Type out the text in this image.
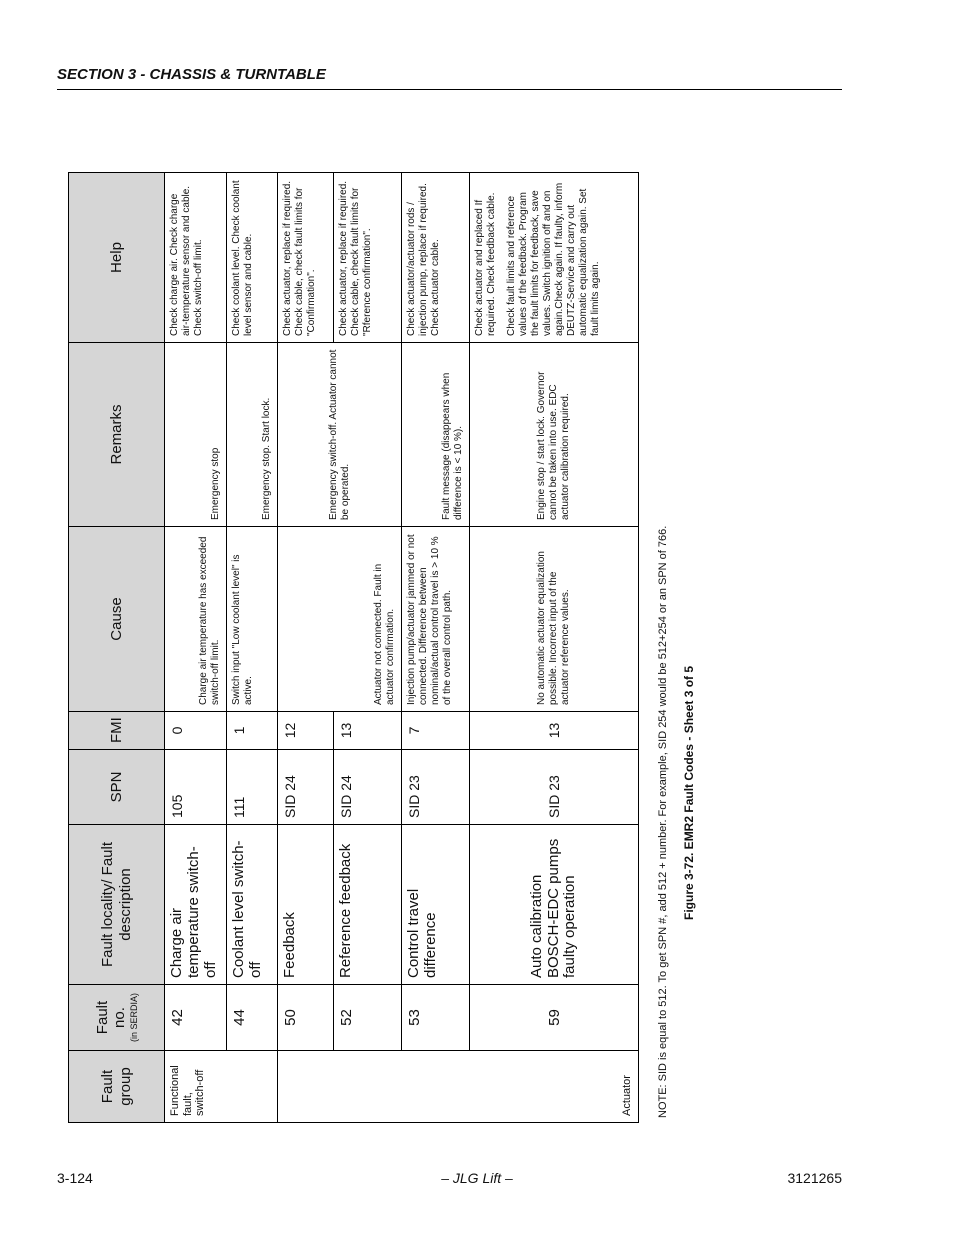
SECTION 3 - CHASSIS & TURNTABLE
Fault group	Fault no. (in SERDIA)	Fault locality/ Fault description	SPN	FMI	Cause	Remarks	Help
Functional fault, switch-off	42	Charge air temperature switch-off	105	0	Charge air temperature has exceeded switch-off limit.	Emergency stop	Check charge air. Check charge air-temperature sensor and cable. Check switch-off limit.
	44	Coolant level switch-off	111	1	Switch input "Low coolant level" is active.	Emergency stop. Start lock.	Check coolant level. Check coolant level sensor and cable.
Actuator	50	Feedback	SID 24	12	Actuator not connected. Fault in actuator confirmation.	Emergency switch-off. Actuator cannot be operated.	Check actuator, replace if required. Check cable, check fault limits for "Confirmation".
	52	Reference feedback	SID 24	13			Check actuator, replace if required. Check cable, check fault limits for "Rference confirmation".
	53	Control travel difference	SID 23	7	Injection pump/actuator jammed or not connected. Difference between nominal/actual control travel is > 10 % of the overall control path.	Fault message (disappears when difference is < 10 %).	Check actuator/actuator rods / injection pump, replace if required. Check actuator cable.
	59	Auto calibration BOSCH-EDC pumps faulty operation	SID 23	13	No automatic actuator equalization possible. Incorrect input of the actuator reference values.	Engine stop / start lock. Governor cannot be taken into use. EDC actuator calibration required.	Check actuator and replaced If required. Check feedback cable. Check fault limits and reference values of the feedback. Program the fault limits for feedback, save values. Switch ignition off and on again.Check again. If faulty, inform DEUTZ-Service and carry out automatic equalization again. Set fault limits again.
NOTE: SID is equal to 512. To get SPN #, add 512 + number. For example, SID 254 would be 512+254 or an SPN of 766. Figure 3-72. EMR2 Fault Codes - Sheet 3 of 5
3-124	– JLG Lift –	3121265
